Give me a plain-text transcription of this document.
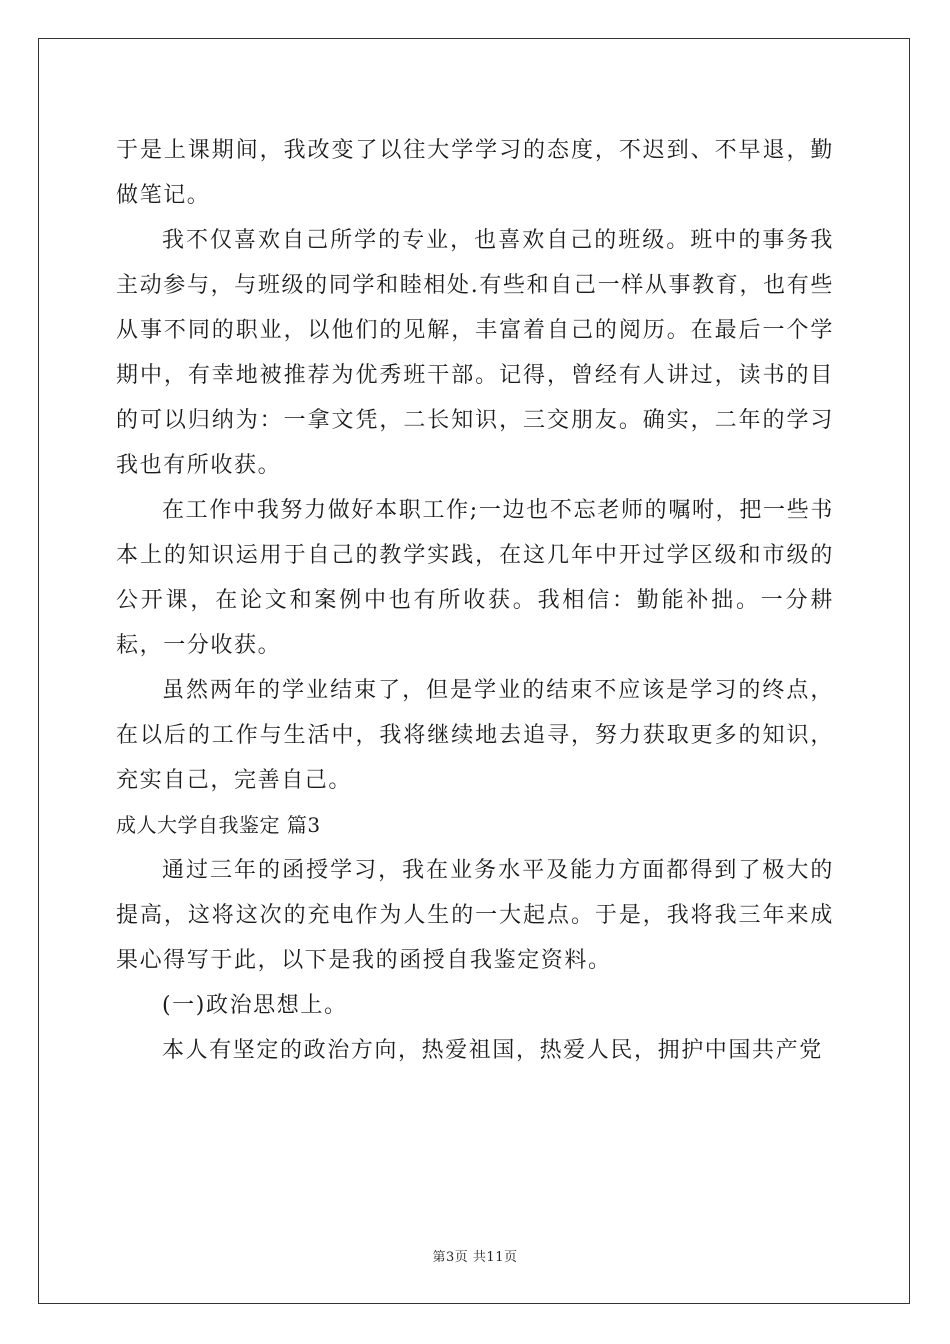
于是上课期间，我改变了以往大学学习的态度，不迟到、不早退，勤做笔记。

我不仅喜欢自己所学的专业，也喜欢自己的班级。班中的事务我主动参与，与班级的同学和睦相处.有些和自己一样从事教育，也有些从事不同的职业，以他们的见解，丰富着自己的阅历。在最后一个学期中，有幸地被推荐为优秀班干部。记得，曾经有人讲过，读书的目的可以归纳为：一拿文凭，二长知识，三交朋友。确实，二年的学习我也有所收获。

在工作中我努力做好本职工作;一边也不忘老师的嘱咐，把一些书本上的知识运用于自己的教学实践，在这几年中开过学区级和市级的公开课，在论文和案例中也有所收获。我相信：勤能补拙。一分耕耘，一分收获。

虽然两年的学业结束了，但是学业的结束不应该是学习的终点，在以后的工作与生活中，我将继续地去追寻，努力获取更多的知识，充实自己，完善自己。

成人大学自我鉴定 篇3

通过三年的函授学习，我在业务水平及能力方面都得到了极大的提高，这将这次的充电作为人生的一大起点。于是，我将我三年来成果心得写于此，以下是我的函授自我鉴定资料。

(一)政治思想上。

本人有坚定的政治方向，热爱祖国，热爱人民，拥护中国共产党

第3页 共11页
